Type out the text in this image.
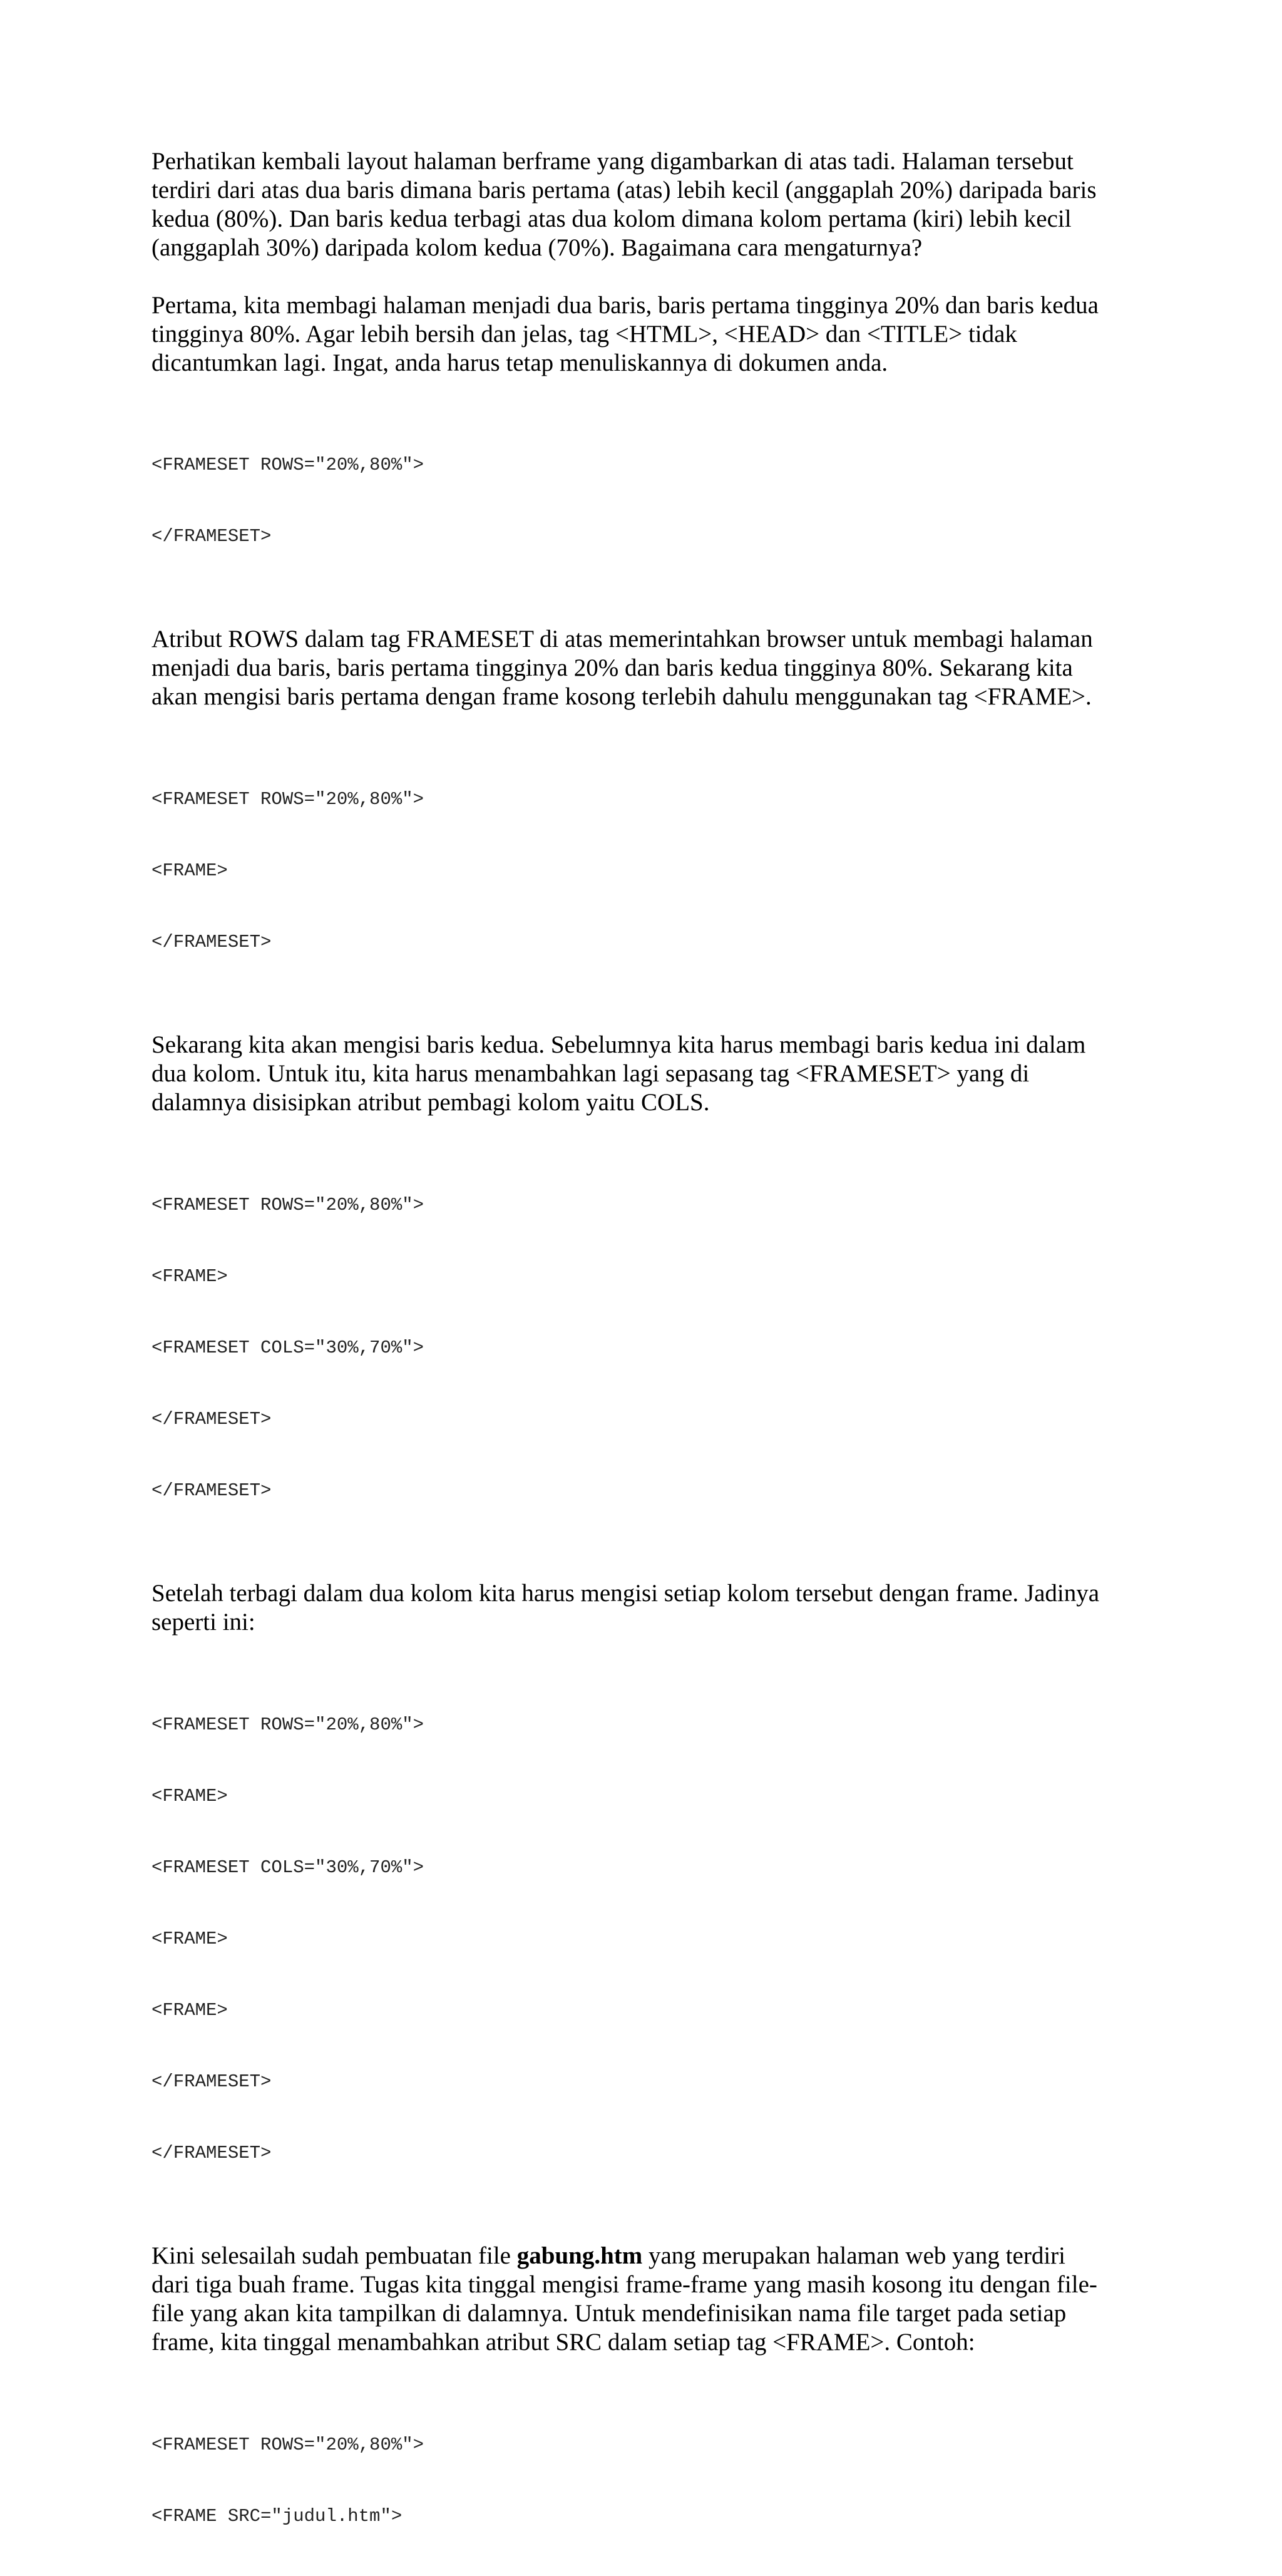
Perhatikan kembali layout halaman berframe yang digambarkan di atas tadi. Halaman tersebut
terdiri dari atas dua baris dimana baris pertama (atas) lebih kecil (anggaplah 20%) daripada baris
kedua (80%). Dan baris kedua terbagi atas dua kolom dimana kolom pertama (kiri) lebih kecil
(anggaplah 30%) daripada kolom kedua (70%). Bagaimana cara mengaturnya?

Pertama, kita membagi halaman menjadi dua baris, baris pertama tingginya 20% dan baris kedua
tingginya 80%. Agar lebih bersih dan jelas, tag <HTML>, <HEAD> dan <TITLE> tidak
dicantumkan lagi. Ingat, anda harus tetap menuliskannya di dokumen anda.

<FRAMESET ROWS="20%,80%">

</FRAMESET>

Atribut ROWS dalam tag FRAMESET di atas memerintahkan browser untuk membagi halaman
menjadi dua baris, baris pertama tingginya 20% dan baris kedua tingginya 80%. Sekarang kita
akan mengisi baris pertama dengan frame kosong terlebih dahulu menggunakan tag <FRAME>.

<FRAMESET ROWS="20%,80%">

<FRAME>

</FRAMESET>

Sekarang kita akan mengisi baris kedua. Sebelumnya kita harus membagi baris kedua ini dalam
dua kolom. Untuk itu, kita harus menambahkan lagi sepasang tag <FRAMESET> yang di
dalamnya disisipkan atribut pembagi kolom yaitu COLS.

<FRAMESET ROWS="20%,80%">

<FRAME>

<FRAMESET COLS="30%,70%">

</FRAMESET>

</FRAMESET>

Setelah terbagi dalam dua kolom kita harus mengisi setiap kolom tersebut dengan frame. Jadinya
seperti ini:

<FRAMESET ROWS="20%,80%">

<FRAME>

<FRAMESET COLS="30%,70%">

<FRAME>

<FRAME>

</FRAMESET>

</FRAMESET>

Kini selesailah sudah pembuatan file gabung.htm yang merupakan halaman web yang terdiri
dari tiga buah frame. Tugas kita tinggal mengisi frame-frame yang masih kosong itu dengan file-
file yang akan kita tampilkan di dalamnya. Untuk mendefinisikan nama file target pada setiap
frame, kita tinggal menambahkan atribut SRC dalam setiap tag <FRAME>. Contoh:

<FRAMESET ROWS="20%,80%">

<FRAME SRC="judul.htm">
